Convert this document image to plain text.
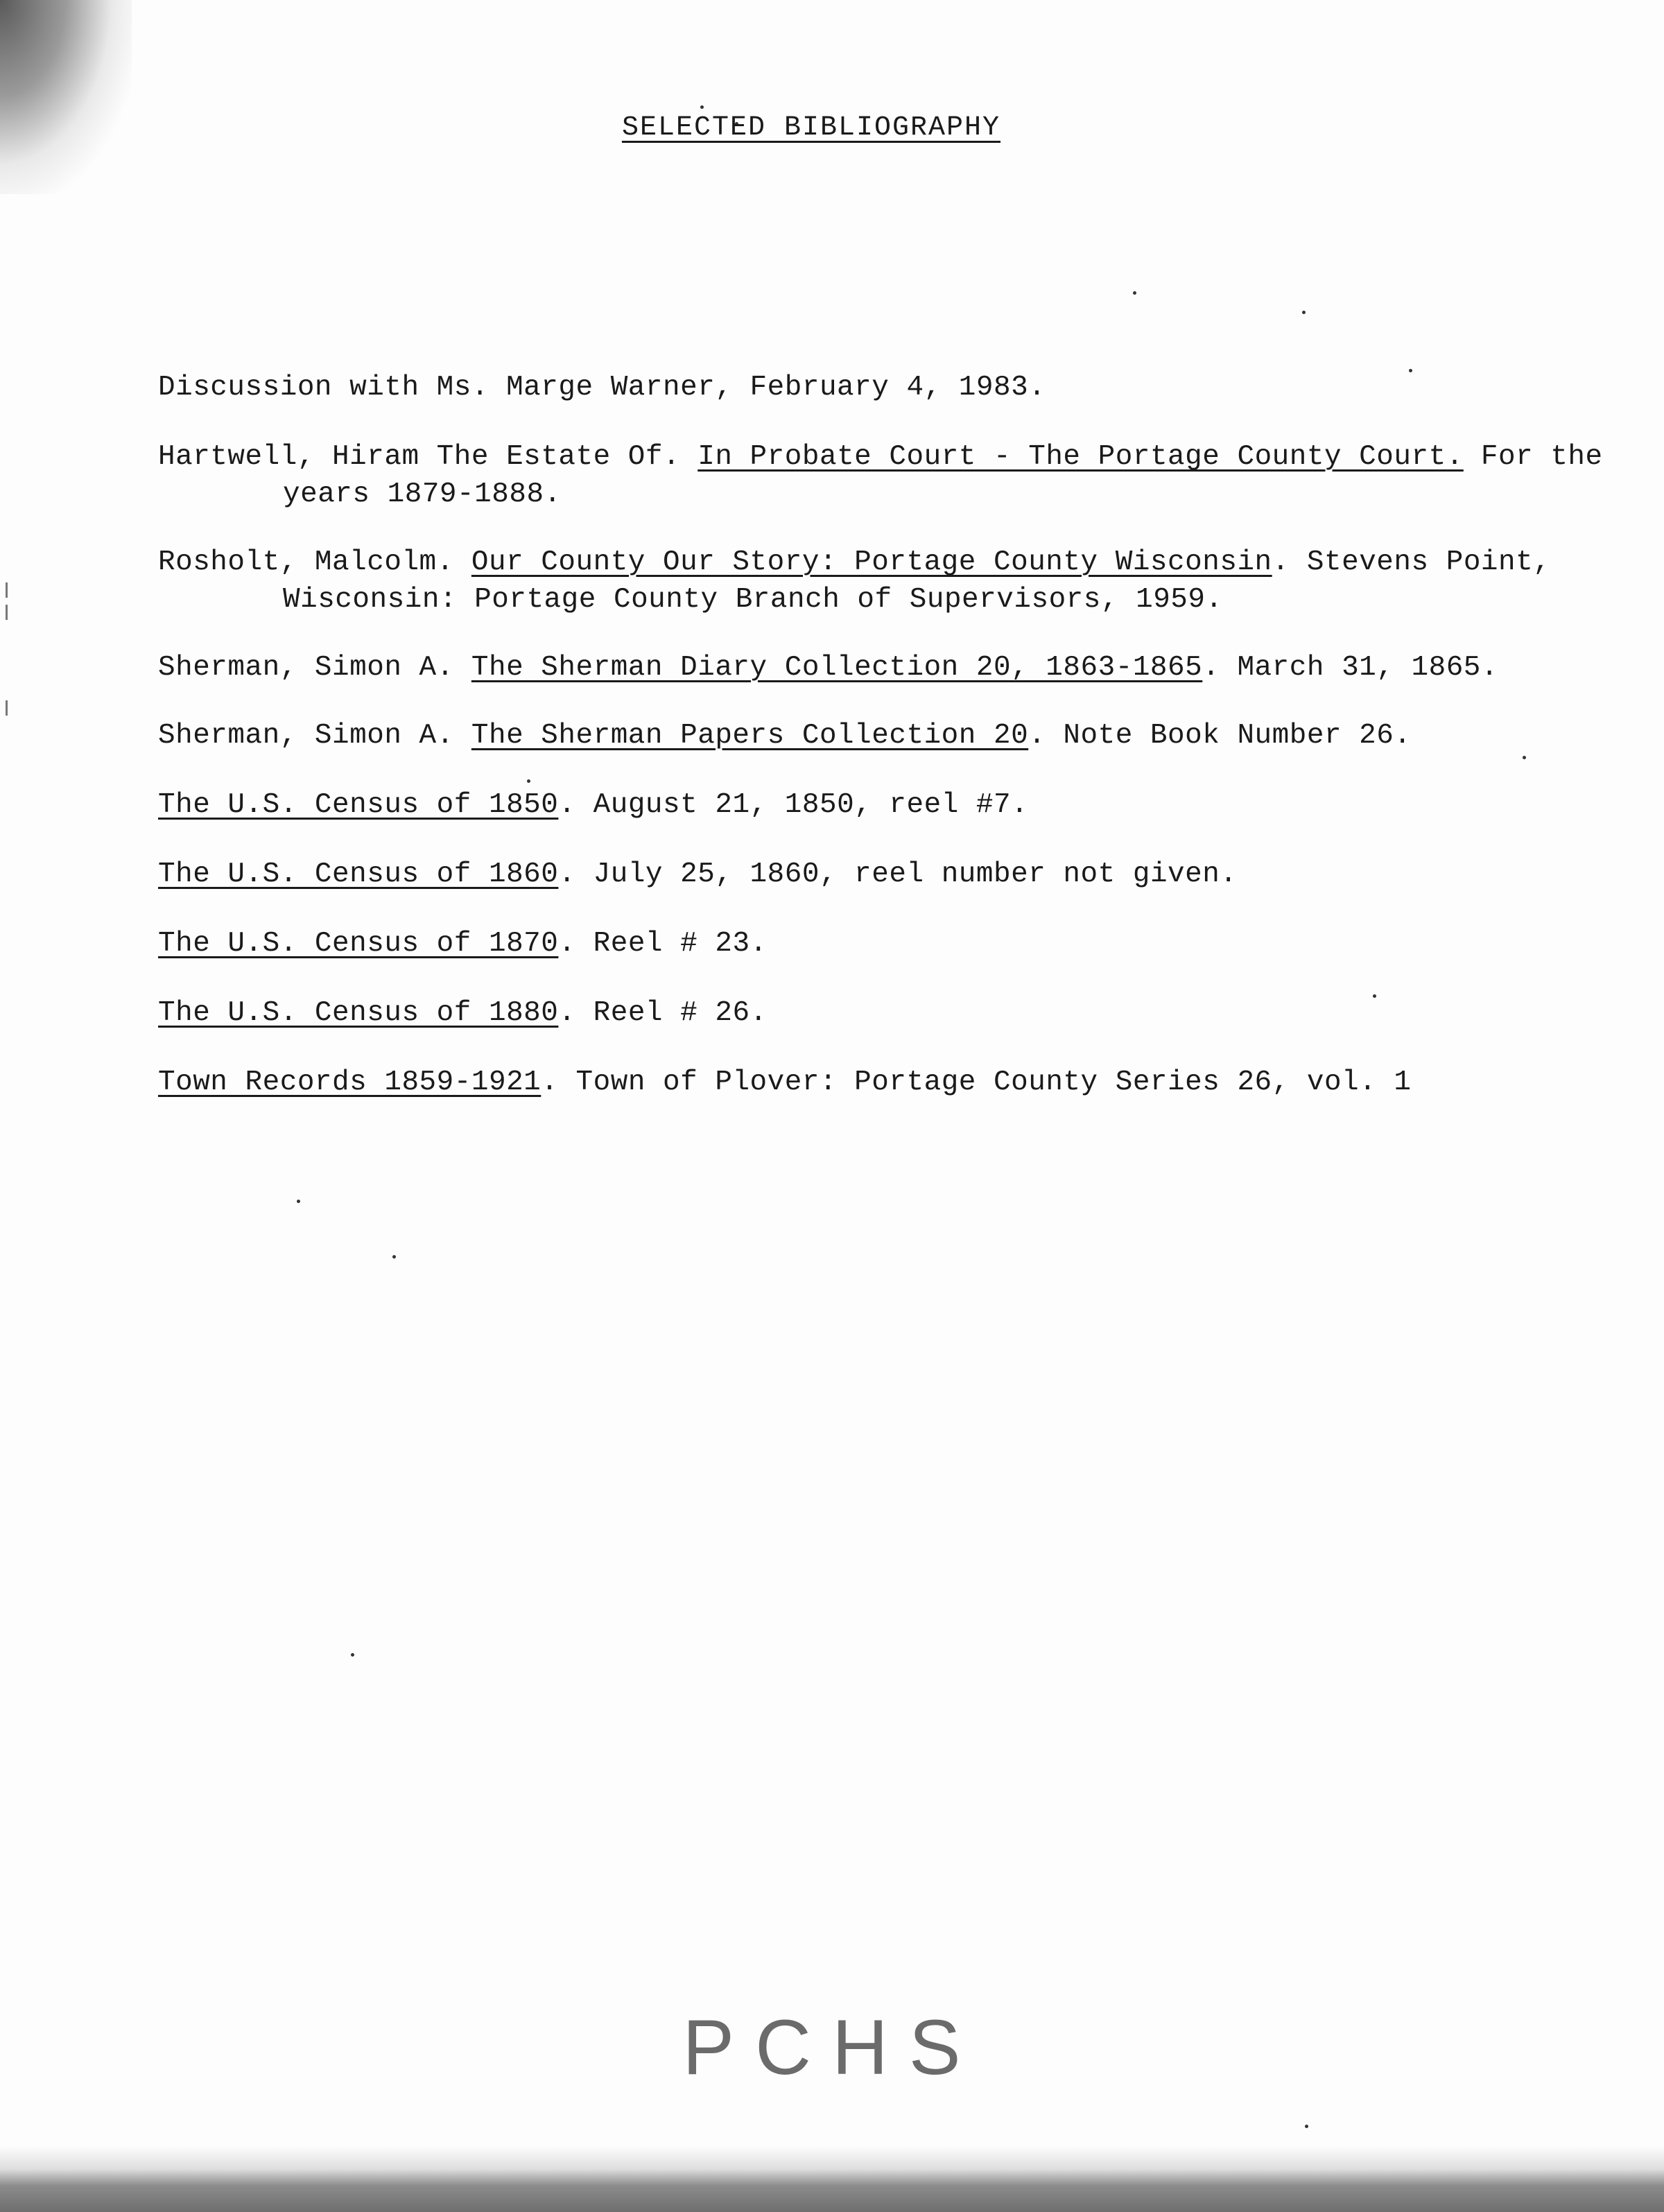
SELECTED BIBLIOGRAPHY
Discussion with Ms. Marge Warner, February 4, 1983.
Hartwell, Hiram The Estate Of. In Probate Court - The Portage County Court. For the years 1879-1888.
Rosholt, Malcolm. Our County Our Story: Portage County Wisconsin. Stevens Point, Wisconsin: Portage County Branch of Supervisors, 1959.
Sherman, Simon A. The Sherman Diary Collection 20, 1863-1865. March 31, 1865.
Sherman, Simon A. The Sherman Papers Collection 20. Note Book Number 26.
The U.S. Census of 1850. August 21, 1850, reel #7.
The U.S. Census of 1860. July 25, 1860, reel number not given.
The U.S. Census of 1870. Reel # 23.
The U.S. Census of 1880. Reel # 26.
Town Records 1859-1921. Town of Plover: Portage County Series 26, vol. 1
PCHS
